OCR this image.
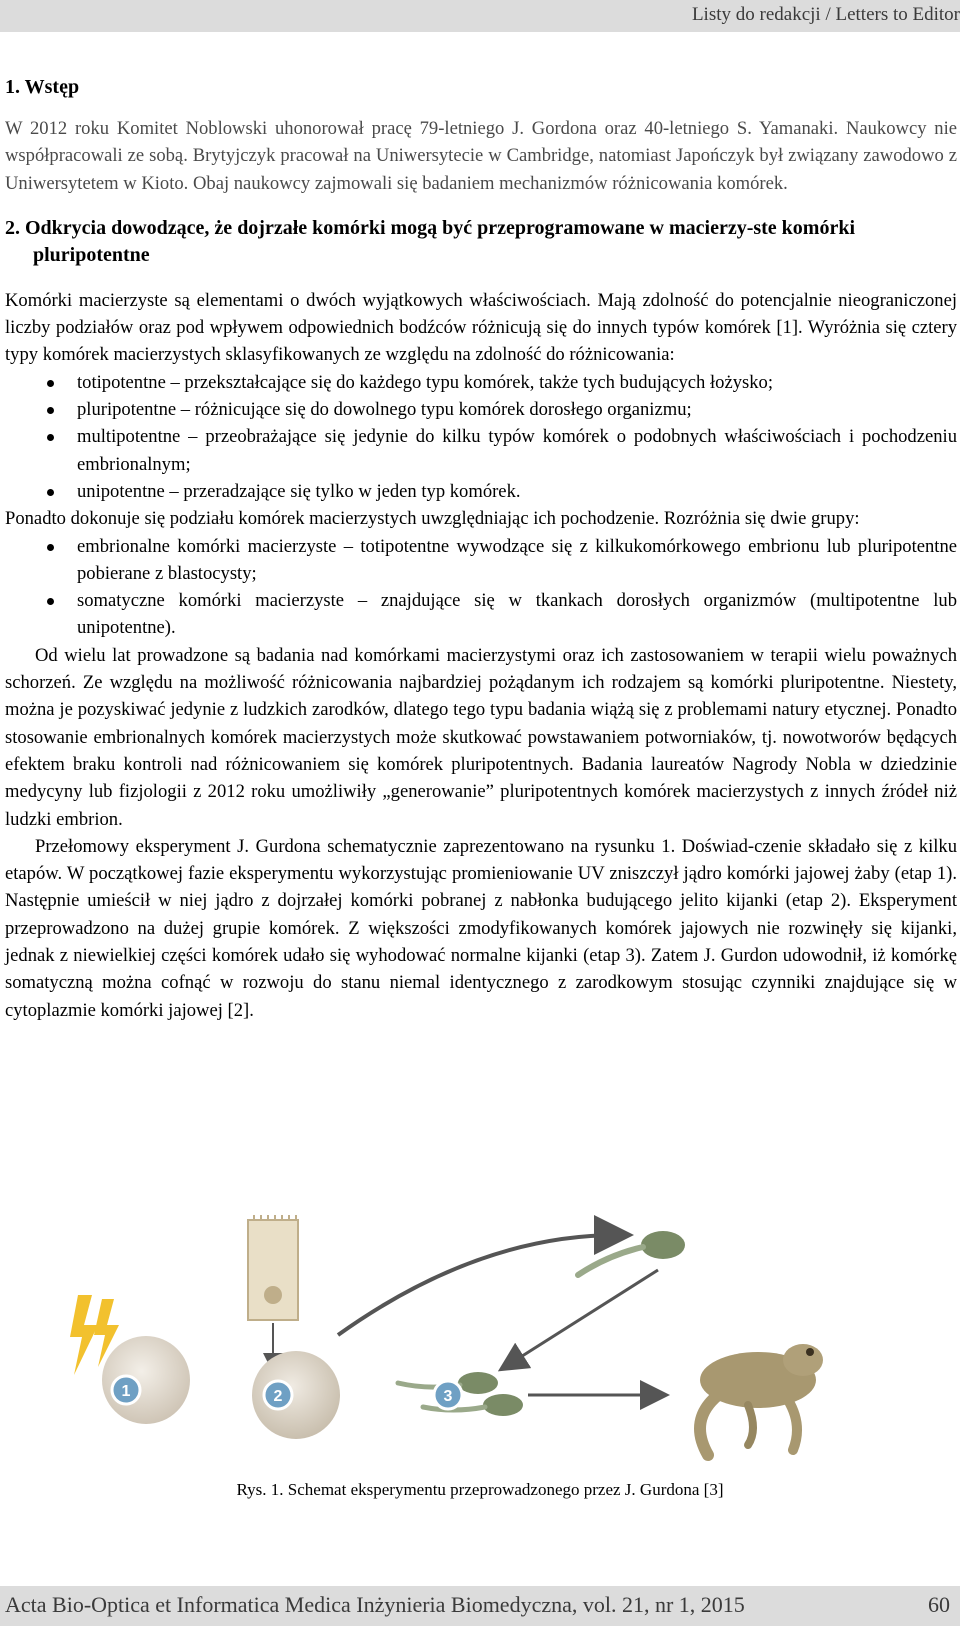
Listy do redakcji / Letters to Editor
1. Wstęp

W 2012 roku Komitet Noblowski uhonorował pracę 79-letniego J. Gordona oraz 40-letniego S. Yamanaki. Naukowcy nie współpracowali ze sobą. Brytyjczyk pracował na Uniwersytecie w Cambridge, natomiast Japończyk był związany zawodowo z Uniwersytetem w Kioto. Obaj naukowcy zajmowali się badaniem mechanizmów różnicowania komórek.

2. Odkrycia dowodzące, że dojrzałe komórki mogą być przeprogramowane w macierzy-ste komórki pluripotentne

Komórki macierzyste są elementami o dwóch wyjątkowych właściwościach. Mają zdolność do potencjalnie nieograniczonej liczby podziałów oraz pod wpływem odpowiednich bodźców różnicują się do innych typów komórek [1]. Wyróżnia się cztery typy komórek macierzystych sklasyfikowanych ze względu na zdolność do różnicowania:

totipotentne – przekształcające się do każdego typu komórek, także tych budujących łożysko;
pluripotentne – różnicujące się do dowolnego typu komórek dorosłego organizmu;
multipotentne – przeobrażające się jedynie do kilku typów komórek o podobnych właściwościach i pochodzeniu embrionalnym;
unipotentne – przeradzające się tylko w jeden typ komórek.

Ponadto dokonuje się podziału komórek macierzystych uwzględniając ich pochodzenie. Rozróżnia się dwie grupy:

embrionalne komórki macierzyste – totipotentne wywodzące się z kilkukomórkowego embrionu lub pluripotentne pobierane z blastocysty;
somatyczne komórki macierzyste – znajdujące się w tkankach dorosłych organizmów (multipotentne lub unipotentne).

Od wielu lat prowadzone są badania nad komórkami macierzystymi oraz ich zastosowaniem w terapii wielu poważnych schorzeń. Ze względu na możliwość różnicowania najbardziej pożądanym ich rodzajem są komórki pluripotentne. Niestety, można je pozyskiwać jedynie z ludzkich zarodków, dlatego tego typu badania wiążą się z problemami natury etycznej. Ponadto stosowanie embrionalnych komórek macierzystych może skutkować powstawaniem potworniaków, tj. nowotworów będących efektem braku kontroli nad różnicowaniem się komórek pluripotentnych. Badania laureatów Nagrody Nobla w dziedzinie medycyny lub fizjologii z 2012 roku umożliwiły „generowanie” pluripotentnych komórek macierzystych z innych źródeł niż ludzki embrion.

Przełomowy eksperyment J. Gurdona schematycznie zaprezentowano na rysunku 1. Doświad-czenie składało się z kilku etapów. W początkowej fazie eksperymentu wykorzystując promieniowanie UV zniszczył jądro komórki jajowej żaby (etap 1). Następnie umieścił w niej jądro z dojrzałej komórki pobranej z nabłonka budującego jelito kijanki (etap 2). Eksperyment przeprowadzono na dużej grupie komórek. Z większości zmodyfikowanych komórek jajowych nie rozwinęły się kijanki, jednak z niewielkiej części komórek udało się wyhodować normalne kijanki (etap 3). Zatem J. Gurdon udowodnił, iż komórkę somatyczną można cofnąć w rozwoju do stanu niemal identycznego z zarodkowym stosując czynniki znajdujące się w cytoplazmie komórki jajowej [2].

1	2	3
Rys. 1. Schemat eksperymentu przeprowadzonego przez J. Gurdona [3]
Acta Bio-Optica et Informatica Medica Inżynieria Biomedyczna, vol. 21, nr 1, 2015	60
